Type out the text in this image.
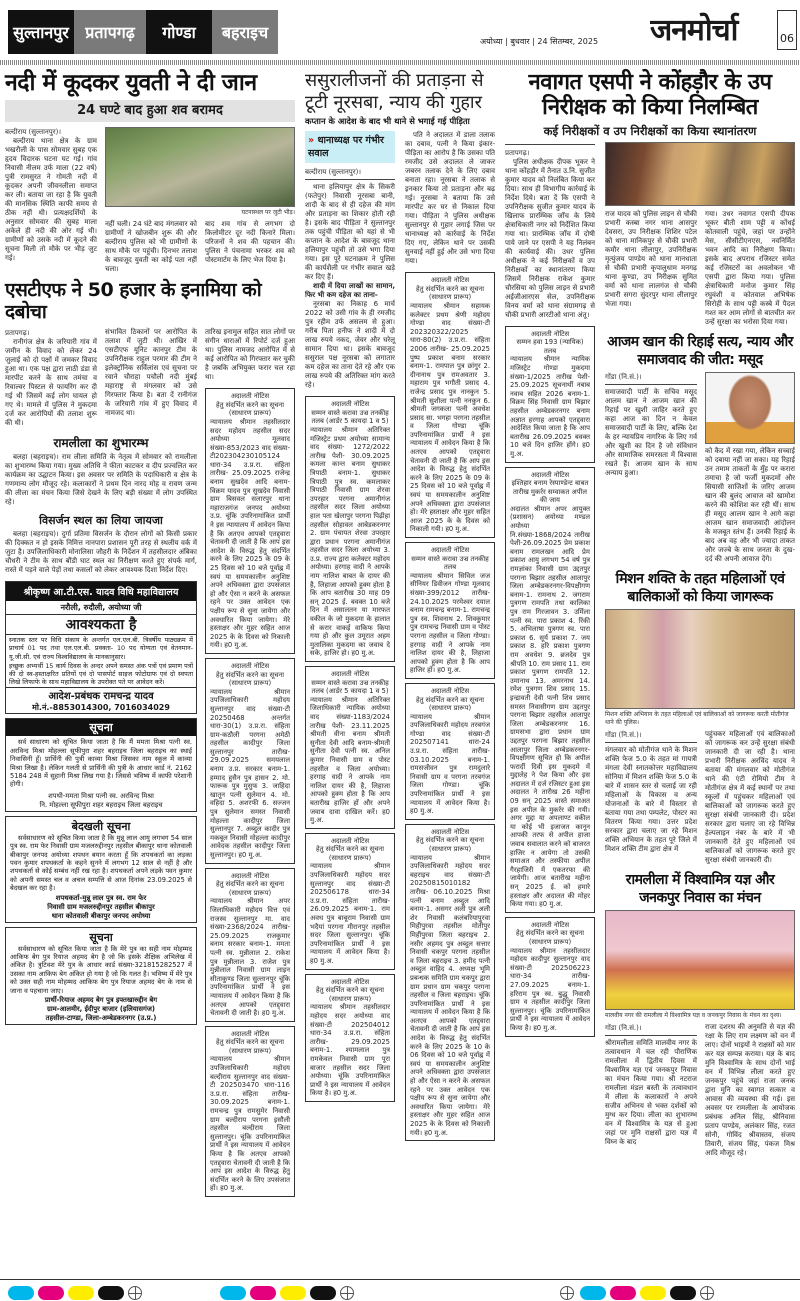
सुल्तानपुर	प्रतापगढ़	गोण्डा	बहराइच	अयोध्या | बुधवार | 24 सितम्बर, 2025	जनमोर्चा	06
नदी में कूदकर युवती ने दी जान
24 घण्टे बाद हुआ शव बरामद
बल्दीराय (सुल्तानपुर)।

बल्दीराय थाना क्षेत्र के ग्राम भखरौली के पास सोमवार सुबह एक हृदय विदारक घटना घट गई। गांव निवासी नीलम उर्फ माला (22 वर्ष) पुत्री रामसुरत ने गोमती नदी में कूदकर अपनी जीवनलीला समाप्त कर ली। बताया जा रहा है कि युवती की मानसिक स्थिति काफी समय से ठीक नहीं थी। प्रत्यक्षदर्शियों के अनुसार सोमवार की सुबह माला अकेले ही नदी की ओर गई थी। ग्रामीणों को उसके नदी में कूदने की सूचना मिली तो मौके पर भीड़ जुट गई।

घटनास्थल पर जुटी भीड़।
नहीं चली। 24 घंटे बाद मंगलवार को ग्रामीणों ने खोजबीन शुरू की और बल्दीराय पुलिस को भी ग्रामीणों के साथ मौके पर पहुंची। दिनभर तलाश के बावजूद युवती का कोई पता नहीं चला।
बाद शव गांव से लगभग दो किलोमीटर दूर नदी किनारे मिला। परिजनों ने शव की पहचान की। पुलिस ने पंचनामा भरकर शव को पोस्टमार्टम के लिए भेज दिया है।
एसटीएफ ने 50 हजार के इनामिया को दबोचा
प्रतापगढ़।

रानीगंज क्षेत्र के जरियारी गांव में जमीन के विवाद को लेकर 24 जुलाई को दो पक्षों में जमकर विवाद हुआ था। एक पक्ष द्वारा लाठी डंडा से मारपीट करने के साथ तमंचा व रिवाल्वर पिस्टल से फायरिंग कर दी गई थी जिसमें कई लोग घायल हो गए थे। मामले में पुलिस ने मुकदमा दर्ज कर आरोपियों की तलाश शुरू की थी।

संभावित ठिकानों पर आरोपित के तलाश में जुटी थी। आखिर में एसटीएफ यूनिट कानपुर टीम के उपनिरीक्षक राहुल परमार की टीम ने इलेक्ट्रॉनिक सर्विलांस एवं सूचना पर रवाने चौराहा पचौली नदी मुंबई महाराष्ट्र से मंगलवार को उसे गिरफ्तार किया है। बता दें रानीगंज के जरियारी गांव में हुए विवाद में नामजद था।
रामलीला का शुभारम्भ

बलहा (बहराइच)। राम लीला समिति के नेतृत्व में सोमवार को रामलीला का शुभारम्भ किया गया। मुख्य अतिथि ने फीता काटकर व दीप प्रज्वलित कर कार्यक्रम का उद्घाटन किया। इस अवसर पर समिति के पदाधिकारी व क्षेत्र के गणमान्य लोग मौजूद रहे। कलाकारों ने प्रथम दिन नारद मोह व रावण जन्म की लीला का मंचन किया जिसे देखने के लिए बड़ी संख्या में लोग उपस्थित रहे।

विसर्जन स्थल का लिया जायजा

बलहा (बहराइच)। दुर्गा प्रतिमा विसर्जन के दौरान लोगों को किसी प्रकार की दिक्कत न हो इसके निमित्त नानपारा प्रशासन पूरी तरह से स्थलीय वर्क में जुटा है। उपजिलाधिकारी मोनालिसा जौहरी के निर्देशन में तहसीलदार अंबिका चौधरी ने टीम के साथ बौंडी घाट स्थल का निरीक्षण करते हुए संपर्क मार्ग, रास्ते में पड़ने वाले पेड़ों तथा कसलों को लेकर आवश्यक दिशा निर्देश दिए।

श्रीकृष्ण आ.टी.एस. यादव विधि महाविद्यालय
नरौली, रुदौली, अयोध्या जी
आवश्यकता है
स्नातक स्तर पर विधि संकाय के अन्तर्गत एल.एल.बी. त्रिवर्षीय पाठ्यक्रम में प्राचार्य 01 पद तथा एल.एल.बी. प्रवक्ता- 10 पद योग्यता एवं वेतनमान-यू.जी.सी. एवं राज्य विश्वविद्यालय के मानकानुसार।
इच्छुक अभ्यर्थी 15 कार्य दिवस के अन्दर अपने समस्त अंक पत्रों एवं प्रमाण पत्रों की दो स्व-हस्ताक्षरित प्रतियों एवं दो पासपोर्ट साइज फोटोग्राफ एवं दो स्वपता लिखे लिफाफे के साथ महाविद्यालय के उपरोक्त पते पर आवेदन करें।
आदेश-प्रबंधक रामचन्द्र यादव
मो.नं.-8853014300, 7016034029
सूचना
सर्व साधारण को सूचित किया जाता है कि मैं ममता मिश्रा पत्नी स्व. अरविन्द मिश्रा मोहल्ला सूफीपुरा शहर बहराइच जिला बहराइच का स्थाई निवासिनी हूँ। प्रार्थिनी की पुत्री काव्या मिश्रा जिसका नाम स्कूल में काव्या मिश्रा लिखा है। लेकिन गलती से प्रार्थिनी की पुत्री के आधार कार्ड नं. 2162 5184 248 में सुहानी मिश्रा लिख गया है। जिससे भविष्य में काफी परेशानी होगी।
शपथी-ममता मिश्रा पत्नी स्व. अरविन्द मिश्रा
नि. मोहल्ला सूफीपुरा शहर बहराइच जिला बहराइच
बेदखली सूचना
सर्वसाधारण को सूचित किया जाता है कि मुन्नू लाल आयु लगभग 54 साल पुत्र स्व. राम फेर निवासी ग्राम मजलरुद्दीनपुर तहसील बीकापुर थाना कोतवाली बीकापुर जनपद अयोध्या शपथन बयान करता हूँ कि शपथकर्ता का लड़का पवन कुमार शपथकर्ता के कहने सुनने में लगभग 12 साल से नहीं है और शपथकर्ता से कोई सम्बंध नहीं रख रहा है। शपथकर्ता अपने लड़के पवन कुमार को अपनी समस्त चल व अचल सम्पत्ति से आज दिनांक 23.09.2025 से बेदखल कर रहा है।
शपथकर्ता-मुन्नू लाल पुत्र स्व. राम फेर
निवासी ग्राम मजलरुद्दीनपुर तहसील बीकापुर
थाना कोतवाली बीकापुर जनपद अयोध्या
सूचना
सर्वसाधारण को सूचित किया जाता है कि मेरे पुत्र का सही नाम मोहम्मद आकिफ बेग पुत्र रियाज अहमद बेग है जो कि इसके शैक्षिक अभिलेख में अंकित है। त्रुटिवश मेरे पुत्र के आधार कार्ड संख्या-321815282527 में उसका नाम आकिफ बेग अंकित हो गया है जो कि गलत है। भविष्य में मेरे पुत्र को उक्त सही नाम मोहम्मद आकिफ बेग पुत्र रियाज अहमद बेग के नाम से जाना व पहचाना जाए।
प्रार्थी-रियाज अहमद बेग पुत्र इफ्तखारुद्दीन बेग
ग्राम-आलमीर, ईदीपुर बाजार (इलियासगंज)
तहसील-टाण्डा, जिला-अम्बेडकरनगर (उ.प्र.)
तारिख इनामुल सहित सात लोगों पर संगीन धाराओं में रिपोर्ट दर्ज हुआ था। पुलिस नामजद आरोपित में से कई आरोपित को गिरफ्तार कर चुकी है जबकि अभियुक्त फरार चल रहा था।
अदालती नोटिस
हेतु संदर्भित करने का सूचना (साधारण प्रारूप)
न्यायालय श्रीमान तहसीलदार सदर महोदय तहसील सदर अयोध्या मूलवाद संख्या-853/2023 वाद संख्या-टी202304230105124 धारा-34 उ.प्र.रा. संहिता तारीख- 25.09.2025 राजेन्द्र बनाम सुखदेव आदि बनाम-विक्रम यादव पुत्र सुखदेव निवासी ग्राम बिसवल सलारपुर थाना महाराजगंज जनपद अयोध्या उ.प्र. चूंकि उपरिनामांकित प्रार्थी ने इस न्यायालय में आवेदन किया है कि अतएव आपको एतद्द्वारा चेतावनी दी जाती है कि आप इस आदेश के विरुद्ध हेतु संदर्भित करने के लिए 2025 के 09 के 25 दिवस को 10 बजे पूर्वाह्न में स्वयं या समयकालीन अनुशिष्ट अपने अधिवक्ता द्वारा उपसंजात हो और ऐसा न करने के असफल रहने पर उक्त आवेदन एक पक्षीय रूप से सुना जायेगा और अवधारित किया जायेगा। मेरे हस्ताक्षर और मुहर सहित आज 2025 के के दिवस को निकाली गयी। ह0 मु.अ.
अदालती नोटिस
हेतु संदर्भित करने का सूचना (साधारण प्रारूप)
न्यायालय श्रीमान उपजिलाधिकारी महोदय सुल्तानपुर वाद संख्या-टी 20250468 अन्तर्गत धारा-30(1) उ.प्र.रा. संहिता ग्राम-कठौली परगना अमेठी तहसील कादीपुर जिला सुल्तानपुर तारीख- 29.09.2025 समयलाल बनाम उ.प्र. सरकार बनाम-1. हम्माद हुसैन पुत्र हासन 2. मो. फारूक पुत्र मुसुफ 3. जाहिदा खातून पत्नी सुलेमान 4. मो. वहिदा 5. अशरफी 6. सज्जन पुत्र सुलेमान समस्त निवासी मोहल्ला कादीपुर जिला सुल्तानपुर 7. अब्दुल कादीर पुत्र मकबूल निवासी मोहल्ला कादीपुर आवेदक तहसील कादीपुर जिला सुल्तानपुर। ह0 मु.अ.
अदालती नोटिस
हेतु संदर्भित करने का सूचना (साधारण प्रारूप)
न्यायालय श्रीमान अपर जिलाधिकारी महोदय वित्त एवं राजस्व सुल्तानपुर मा. वाद संख्या-2368/2024 तारीख- 25.09.2025 राजकुमार बनाम सरकार बनाम-1. ममता पत्नी स्व. मुन्नीलाल 2. राकेश पुत्र मुन्नीलाल 3. राजेश पुत्र मुन्नीलाल निवासी ग्राम लाइन सीताकुण्ड जिला सुल्तानपुर चूंकि उपरिनामांकित प्रार्थी ने इस न्यायालय में आवेदन किया है कि अतएव आपको एतद्द्वारा चेतावनी दी जाती है। ह0 मु.अ.
अदालती नोटिस
हेतु संदर्भित करने का सूचना (साधारण प्रारूप)
न्यायालय श्रीमान उपजिलाधिकारी महोदय बल्दीराय सुल्तानपुर वाद संख्या-टी 202503470 धारा-116 उ.प्र.रा. संहिता तारीख- 30.09.2025 बनाम-1. रामचन्द्र पुत्र रामसुमेर निवासी ग्राम बल्दीराय परगना इसौली तहसील बल्दीराय जिला सुल्तानपुर। चूंकि उपरिनामांकित प्रार्थी ने इस न्यायालय में आवेदन किया है कि अतएव आपको एतद्द्वारा चेतावनी दी जाती है कि आप इस आदेश के विरुद्ध हेतु संदर्भित करने के लिए उपसंजात हों। ह0 मु.अ.
ससुरालीजनों की प्रताड़ना से टूटी नूरसबा, न्याय की गुहार
कप्तान के आदेश के बाद भी थाने से भगाई गई पीड़िता
» थानाध्यक्ष पर गंभीर सवाल
बल्दीराय (सुल्तानपुर)।

थाना हलियापुर क्षेत्र के सिकरी (फतेपुर) निवासी नूरसबा बानी, शादी के बाद से ही दहेज की मांग और प्रताड़ना का शिकार होती रही है। इसके बाद पीड़िता ने सुल्तानपुर तक पहुंची पीड़िता को यहां से भी कप्तान के आदेश के बावजूद थाना हलियापुर पहुंची तो उसे भगा दिया गया। इस पूरे घटनाक्रम ने पुलिस की कार्यशैली पर गंभीर सवाल खड़े कर दिए हैं।

शादी में दिया लाखों का सामान, फिर भी कम दहेज का ताना-

नूरसबा का निकाह 6 मार्च 2022 को उसी गांव के ही रमजीद पुत्र रहीम उर्फ असलम से हुआ। गरीब पिता हनीफ ने शादी में दो लाख रुपये नकद, जेवर और घरेलू सामान दिया था। इसके बावजूद ससुराल पक्ष नूरसबा को लगातार कम दहेज का ताना देते रहे और एक लाख रुपये की अतिरिक्त मांग करते रहे।

अदालती नोटिस
सम्मन वास्ते करावा उज्र तनकीह तलब (आर्डर 5 कायदा 1 व 5)
न्यायालय श्रीमान अतिरिक्त मजिस्ट्रेट प्रथम अयोध्या सामान्य वाद संख्या- 1272/2022 तारीख पेशी- 30.09.2025 कमला कान्त बनाम सुधाकर त्रिपाठी बनाम-1. सुधाकर त्रिपाठी पुत्र स्व. कमलाकर त्रिपाठी निवासी ग्राम शेरवा उपरहार परगना अमानीगंज तहसील सदर जिला अयोध्या हाल पता खेलापुर परगना पिढ़ीहा तहसील सोहावल आबेडकरनगर 2. ग्राम पंचायत शेरवा उपरहार द्वारा प्रधान परगना अमानीगंज तहसील सदर जिला अयोध्या 3. उ.प्र. राज्य द्वारा कलेक्टर महोदय अयोध्या। हरगाह वादी ने आपके नाम नालिश बाबत के दायर की है, लिहाजा आपको हुक्म होता है कि आप बतारीख 30 माह 09 सन् 2025 ई. बवक्त 10 बजे दिन में असालतन या मारफत वकील के जो मुकदमा के हालात से करार वाकई वाकिफ किया गया हो और कुल उमूरात अहम मुतालिका मुकदमा का जवाब दे सके, हाजिर हो। ह0 मु.अ.
अदालती नोटिस
सम्मन वास्ते करावा उज्र तनकीह तलब (आर्डर 5 कायदा 1 व 5)
न्यायालय श्रीमान अतिरिक्त जिलाधिकारी न्यायिक अयोध्या वाद संख्या-1183/2024 तारीख पेशी- 23.11.2025 श्रीमती वीना बनाम श्रीमती सुनीता देवी आदि बनाम-श्रीमती सुनीता देवी पत्नी स्व. अनिल कुमार निवासी ग्राम व पोस्ट तहसील व जिला अयोध्या। हरगाह वादी ने आपके नाम नालिश दायर की है, लिहाजा आपको हुक्म होता है कि आप बतारीख हाजिर हों और अपने जवाब दावा दाखिल करें। ह0 मु.अ.
अदालती नोटिस
हेतु संदर्भित करने का सूचना (साधारण प्रारूप)
न्यायालय श्रीमान उपजिलाधिकारी महोदय सदर सुल्तानपुर वाद संख्या-टी 202506178 धारा-34 उ.प्र.रा. संहिता तारीख- 26.09.2025 बनाम-1. राम अवध पुत्र बाबूराम निवासी ग्राम भदैयां परगना मीरानपुर तहसील सदर जिला सुल्तानपुर। चूंकि उपरिनामांकित प्रार्थी ने इस न्यायालय में आवेदन किया है। ह0 मु.अ.
अदालती नोटिस
हेतु संदर्भित करने का सूचना (साधारण प्रारूप)
न्यायालय श्रीमान तहसीलदार महोदय सदर अयोध्या वाद संख्या-टी 202504012 धारा-34 उ.प्र.रा. संहिता तारीख- 29.09.2025 बनाम-1. श्यामलाल पुत्र रामकेवल निवासी ग्राम पूरा बाजार तहसील सदर जिला अयोध्या। चूंकि उपरिनामांकित प्रार्थी ने इस न्यायालय में आवेदन किया है। ह0 मु.अ.

पति ने अदालत में डाला तलाक का दबाव, पत्नी ने किया इंकार- पीड़िता का आरोप है कि उसका पति रमजीद उसे अदालत ले जाकर जबरन तलाक देने के लिए दबाव बनाता रहा। नूरसबा ने तलाक से इनकार किया तो प्रताड़ना और बढ़ गई। नूरसबा ने बताया कि उसे मारपीट कर घर से निकाल दिया गया। पीड़िता ने पुलिस अधीक्षक सुल्तानपुर से गुहार लगाई जिस पर थानाध्यक्ष को कार्रवाई के निर्देश दिए गए, लेकिन थाने पर उसकी सुनवाई नहीं हुई और उसे भगा दिया गया।

अदालती नोटिस
हेतु संदर्भित करने का सूचना (साधारण प्रारूप)
न्यायालय श्रीमान सहायक कलेक्टर प्रथम श्रेणी महोदय गोण्डा वाद संख्या-टी 202320322/2025 धारा-80(2) उ.प्र.रा. संहिता 2006 तारीख- 25.09.2025 पुष्प प्रकाश बनाम सरकार बनाम-1. रामपाल पुत्र छांगुर 2. दीनानाथ पुत्र रामअवतार 3. महाराम पुत्र भगौती प्रसाद 4. राजेन्द्र प्रसाद पुत्र नानकुन 5. श्रीमती सुशीला पत्नी ननकुन 6. श्रीमती जगकला पत्नी अवधेश प्रसाद सा. भगहा परगना तहसील व जिला गोण्डा चूंकि उपरिनामांकित प्रार्थी ने इस न्यायालय में आवेदन किया है कि अतएव आपको एतद्द्वारा चेतावनी दी जाती है कि आप इस आदेश के विरुद्ध हेतु संदर्भित करने के लिए 2025 के 09 के 25 दिवस को 10 बजे पूर्वाह्न में स्वयं या समयकालीन अनुशिष्ट अपने अधिवक्ता द्वारा उपसंजात हो। मेरे हस्ताक्षर और मुहर सहित आज 2025 के के दिवस को निकाली गयी। ह0 मु.अ.
अदालती नोटिस
सम्मन वास्ते करावा उज्र तनकीह तलब
न्यायालय श्रीमान सिविल जज सीनियर डिवीजन गोण्डा मूलवाद संख्या-399/2012 तारीख- 24.10.2025 परमेश्वर दयाल बनाम रामचन्द्र बनाम-1. रामचन्द्र पुत्र स्व. शिवनाथ 2. शिवकुमार पुत्र रामचन्द्र निवासी ग्राम व पोस्ट परगना तहसील व जिला गोण्डा। हरगाह वादी ने आपके नाम नालिश दायर की है, लिहाजा आपको हुक्म होता है कि आप हाजिर हों। ह0 मु.अ.
अदालती नोटिस
हेतु संदर्भित करने का सूचना (साधारण प्रारूप)
न्यायालय श्रीमान उपजिलाधिकारी महोदय तरबगंज गोण्डा वाद संख्या-टी 202507141 धारा-24 उ.प्र.रा. संहिता तारीख- 03.10.2025 बनाम-1. रामसजीवन पुत्र रामदुलारे निवासी ग्राम व परगना तरबगंज जिला गोण्डा। चूंकि उपरिनामांकित प्रार्थी ने इस न्यायालय में आवेदन किया है। ह0 मु.अ.
अदालती नोटिस
हेतु संदर्भित करने का सूचना (साधारण प्रारूप)
न्यायालय श्रीमान उपजिलाधिकारी महोदय सदर बहराइच वाद संख्या-टी 20250815010182 तारीख- 06.10.2025 मिश्रा पत्नी बनाम अब्दुल आदि बनाम-1. असगर अली पुत्र अली शेर निवासी कलंबरियापुरवा मिहीपुरवा तहसील मोतीपुर मिहींपुरवा जिला बहराइच 2. नसीर अहमद पुत्र अब्दुल सत्तार निवासी चकपुर परगना तहसील व जिला बहराइच 3. हमीद पत्नी अब्दुल वाहिद 4. अध्यक्ष भूमि प्रबन्धक समिति ग्राम चकपुर द्वारा ग्राम प्रधान ग्राम चकपुर परगना तहसील व जिला बहराइच। चूंकि उपरिनामांकित प्रार्थी ने इस न्यायालय में आवेदन किया है कि अतएव आपको एतद्द्वारा चेतावनी दी जाती है कि आप इस आदेश के विरुद्ध हेतु संदर्भित करने के लिए 2025 के 10 के 06 दिवस को 10 बजे पूर्वाह्न में स्वयं या समयकालीन अनुशिष्ट अपने अधिवक्ता द्वारा उपसंजात हो और ऐसा न करने के असफल रहने पर उक्त आवेदन एक पक्षीय रूप से सुना जायेगा और अवधारित किया जायेगा। मेरे हस्ताक्षर और मुहर सहित आज 2025 के के दिवस को निकाली गयी। ह0 मु.अ.
नवागत एसपी ने कोंहड़ौर के उप निरीक्षक को किया निलम्बित
कई निरीक्षकों व उप निरीक्षकों का किया स्थानांतरण
प्रतापगढ़।

पुलिस अधीक्षक दीपक भूकर ने थाना कोंहड़ौर में तैनात उ.नि. सुजीत कुमार यादव को निलंबित किया कर दिया। साथ ही विभागीय कार्रवाई के निर्देश दिये। बता दें कि एसपी ने उपनिरीक्षक सुजीत कुमार यादव के खिलाफ प्रारम्भिक जाँच के लिये क्षेत्राधिकारी नगर को निर्देशित किया गया था। प्रारम्भिक जाँच में दोषी पाये जाने पर एसपी ने यह निलंबन की कार्यवाई की। उधर पुलिस अधीक्षक ने कई निरीक्षकों व उप निरीक्षकों का स्थानांतरण किया जिसमें निरीक्षक राकेश कुमार चौरसिया को पुलिस लाइन से प्रभारी अईजीआरएस सेल, उपनिरीक्षक विनय वर्मा को थाना संग्रामगढ़ से चौकी प्रभारी आरटीओ थाना अंतू।

अदालती नोटिस
सम्मन हवा 193 (न्यायिक) तलब
न्यायालय श्रीमान न्यायिक मजिस्ट्रेट गोण्डा मुकदमा संख्या-1/2025 तारीख पेशी- 25.09.2025 सूचनार्थी नबाब नवाब सहित 2026 बनाम-1. विक्रम सिंह निवासी ग्राम बिझार तहसील अम्बेडकरनगर बनाम अज्ञात हरगाह आपको एतद्द्वारा आदेशित किया जाता है कि आप बतारीख 26.09.2025 बवक्त 10 बजे दिन हाजिर होंगे। ह0 मु.अ.
अदालती नोटिस
इश्तिहार बनाम रेस्पाण्डेन्ट बाबत तारीख मुकर्रर सम्वाकत अपील की जाय
अदालत श्रीमान अपर आयुक्त (प्रशासन) अयोध्या मण्डल अयोध्या नि.संख्या-1868/2024 तारीख पेशी-26.09.2025 प्रेम प्रकाश बनाम रामलखन आदि प्रेम प्रकाश आयु लगभग 54 वर्ष पुत्र रामज्ञांका निवासी ग्राम उद्दतपुर परगना बिझार तहसील आलापुर जिला अम्बेडकरनगर-विपक्षीगण बनाम-1. रामनाथ 2. जगराम पुत्रगण रामपति तथा कालिका पुत्र राम गिरजावन 3. उर्मिला पत्नी स्व. पारा प्रकाश 4. रिंकी 5. अभिलाषा पुत्रगण स्व. पारा प्रकाश 6. सूर्य प्रकाश 7. जय प्रकाश 8. हरि प्रकाश पुत्रगण राम अवधेश 9. ब्रजदेव पुत्र श्रीपति 10. राम प्रसाद 11. राम प्रकाश पुत्रगण रामपति 12. उमानाथ 13. अमरनाथ 14. रमेश पुत्रगण शिव प्रसाद 15. इन्द्रावती देवी पत्नी शिव प्रसाद समस्त निवासीगण ग्राम उद्दतपुर परगना बिझार तहसील आलापुर जिला अम्बेडकरनगर 16. ग्रामसभा द्वारा प्रधान ग्राम उद्दतपुर परगना बिझार तहसील आलापुर जिला अम्बेडकरनगर-विपक्षीगण सूचित हो कि अपील फरार्दी दिवी इस मुकदमे में मुद्दालेह ने पेश किया और इस अदालत में दर्ज रजिस्टर हुआ इस अदालत ने तारीख 26 महीना 09 सन् 2025 वास्ते समाअत इस अपील के मुकर्रर की गयी। अगर मुद्दा या अपलाण्ट वकील या कोई भी इजाजत कानून आपकी तरफ से अपील हाजा जवाब सवालात करने को बाजरत हाजिर न आयेगा तो उसकी समाअत और तस्फीया अपील गैरहाजिरी में एकतरफा की जायेगी। आज बतारीख महीना सन् 2025 ई. को हमारे हस्ताक्षर और अदालत की मोहर किया गया। ह0 मु.अ.
अदालती नोटिस
हेतु संदर्भित करने का सूचना (साधारण प्रारूप)
न्यायालय श्रीमान तहसीलदार महोदय कादीपुर सुल्तानपुर वाद संख्या-टी 202506223 धारा-34 तारीख- 27.09.2025 बनाम-1. हरिराम पुत्र स्व. बुद्धू निवासी ग्राम व तहसील कादीपुर जिला सुल्तानपुर। चूंकि उपरिनामांकित प्रार्थी ने इस न्यायालय में आवेदन किया है। ह0 मु.अ.
राज यादव को पुलिस लाइन से चौकी प्रभारी कस्बा नगर थाना आसपुर देवसरा, उप निरीक्षक शिशिर पटेल को थाना मानिकपुर से चौकी प्रभारी कमौर थाना लीलापुर, उपनिरीक्षक मृत्युंजय पाण्डेय को थाना मानधाता से चौकी प्रभारी कृपालुधाम मनगढ़ थाना कुण्डा, उप निरीक्षक सुमित वर्मा को थाना लालगंज से चौकी प्रभारी सगरा सुंदरपुर थाना लीलापुर भेजा गया।
गया। उधर नवागत एसपी दीपक भूकर बीती शाम पट्टी व कोंधई कोतवाली पहुंचे, जहां पर उन्होंने मेस, सीसीटीएनएस, नवनिर्मित भवन आदि का निरीक्षण किया। इसके बाद अपराध रजिस्टर समेत कई रजिस्टरों का अवलोकन भी एसपी द्वारा किया गया। पुलिस क्षेत्राधिकारी मनोज कुमार सिंह रघुवंशी व कोतवाल अभिषेक सिरोही के साथ पट्टी कस्बे में पैदल गश्त कर आम लोगों से बातचीत कर उन्हें सुरक्षा का भरोसा दिया गया।
आजम खान की रिहाई सत्य, न्याय और समाजवाद की जीत: मसूद
गोंडा (नि.सं.)।
समाजवादी पार्टी के सचिव मसूद आलम खान ने आजम खान की रिहाई पर खुशी जाहिर करते हुए कहा आज का दिन न केवल समाजवादी पार्टी के लिए, बल्कि देश के हर न्यायप्रिय नागरिक के लिए गर्व और खुशी का दिन है जो संविधान और सामाजिक समरसता में विश्वास रखते हैं। आजम खान के साथ अन्याय हुआ।
को कैद में रखा गया, लेकिन सच्चाई को दबाया नहीं जा सका। यह रिहाई उन तमाम ताकतों के मुँह पर करारा तमाचा है जो फर्जी मुकदमों और सियासी साजिशों के जरिए आजम खान की बुलंद आवाज को खामोश करने की कोशिश कर रही थीं। साथ ही मसूद आलम खान ने आगे कहा आजम खान समाजवादी आंदोलन के मजबूत स्तंभ हैं। उनकी रिहाई के बाद अब वह और भी ज्यादा ताकत और जज्बे के साथ जनता के दुख-दर्द की अपनी आवाज देंगे।
मिशन शक्ति के तहत महिलाओं एवं बालिकाओं को किया जागरूक
मिशन शक्ति अभियान के तहत महिलाओं एवं बालिकाओं को जागरूक करती मोतीगंज थाने की पुलिस।
गोंडा (नि.सं.)।
मंगलवार को मोतीगंज थाने के मिशन शक्ति फेज 5.0 के तहत मां गायत्री मंगला देवी स्नातकोत्तर महाविद्यालय सोनिया में मिशन शक्ति फेज 5.0 के बारे में शासन स्तर से चलाई जा रही महिलाओं के विकास व अन्य योजनाओं के बारे में विस्तार से बताया गया तथा पम्पलेट, पोस्टर का वितरण किया गया। उत्तर प्रदेश सरकार द्वारा चलाए जा रहे मिशन शक्ति अभियान के तहत पूरे जिले में मिशन शक्ति टीम द्वारा क्षेत्र में
पहुंचकर महिलाओं एवं बालिकाओं को जागरूक कर उन्हें सुरक्षा संबंधी जानकारी दी जा रही है। थाना प्रभारी निरीक्षक अरविंद यादव ने बताया की मंगलवार को मोतीगंज थाने की एंटी रोमियो टीम ने मोतीगंज क्षेत्र में कई स्थानों पर तथा स्कूलों में पहुंचकर महिलाओं एवं बालिकाओं को जागरूक करते हुए सुरक्षा संबंधी जानकारी दी। प्रदेश सरकार द्वारा चलाए जा रहे विभिन्न हेल्पलाइन नंबर के बारे में भी जानकारी देते हुए महिलाओं एवं बालिकाओं को जागरूक करते हुए सुरक्षा संबंधी जानकारी दी।
रामलीला में विश्वामित्र यज्ञ और जनकपुर निवास का मंचन
मालवीय नगर की रामलीला में विश्वामित्र यज्ञ व जनकपुर निवास के मंचन का दृश्य।
गोंडा (नि.सं.)।
श्रीरामलीला समिति मालवीय नगर के तत्वावधान में चल रही पौराणिक रामलीला में द्वितीय दिवस में विश्वामित्र यज्ञ एवं जनकपुर निवास का मंचन किया गया। श्री नटराज रामलीला मंडल बस्ती के तत्वावधान में लीला के कलाकारों ने अपने सजीव अभिनय से भक्त दर्शकों को मुग्ध कर दिया। लीला का शुभारम्भ वन में विश्वामित्र के यज्ञ से हुआ जहां पर मुनि राक्षसों द्वारा यज्ञ में विघ्न के बाद
राजा दशरथ की अनुमति से यज्ञ की रक्षा के लिए राम लक्ष्मण को वन में लाए। दोनों भाइयों ने राक्षसों को मार कर यज्ञ सम्पन्न कराया। यज्ञ के बाद मुनि विश्वामित्र के साथ दोनों भाई वन में विभिन्न लीला करते हुए जनकपुर पहुंचे जहां राजा जनक द्वारा मुनि का स्वागत सत्कार व आवास की व्यवस्था की गई। इस अवसर पर रामलीला के आयोजक प्रबंधक अनिल सिंह, श्रीनिवास प्रताप पाण्डेय, अलंकार सिंह, रजत सोनी, गोविंद श्रीवास्तव, संजय तिवारी, संजय सिंह, पंकज मिश्र आदि मौजूद रहे।
